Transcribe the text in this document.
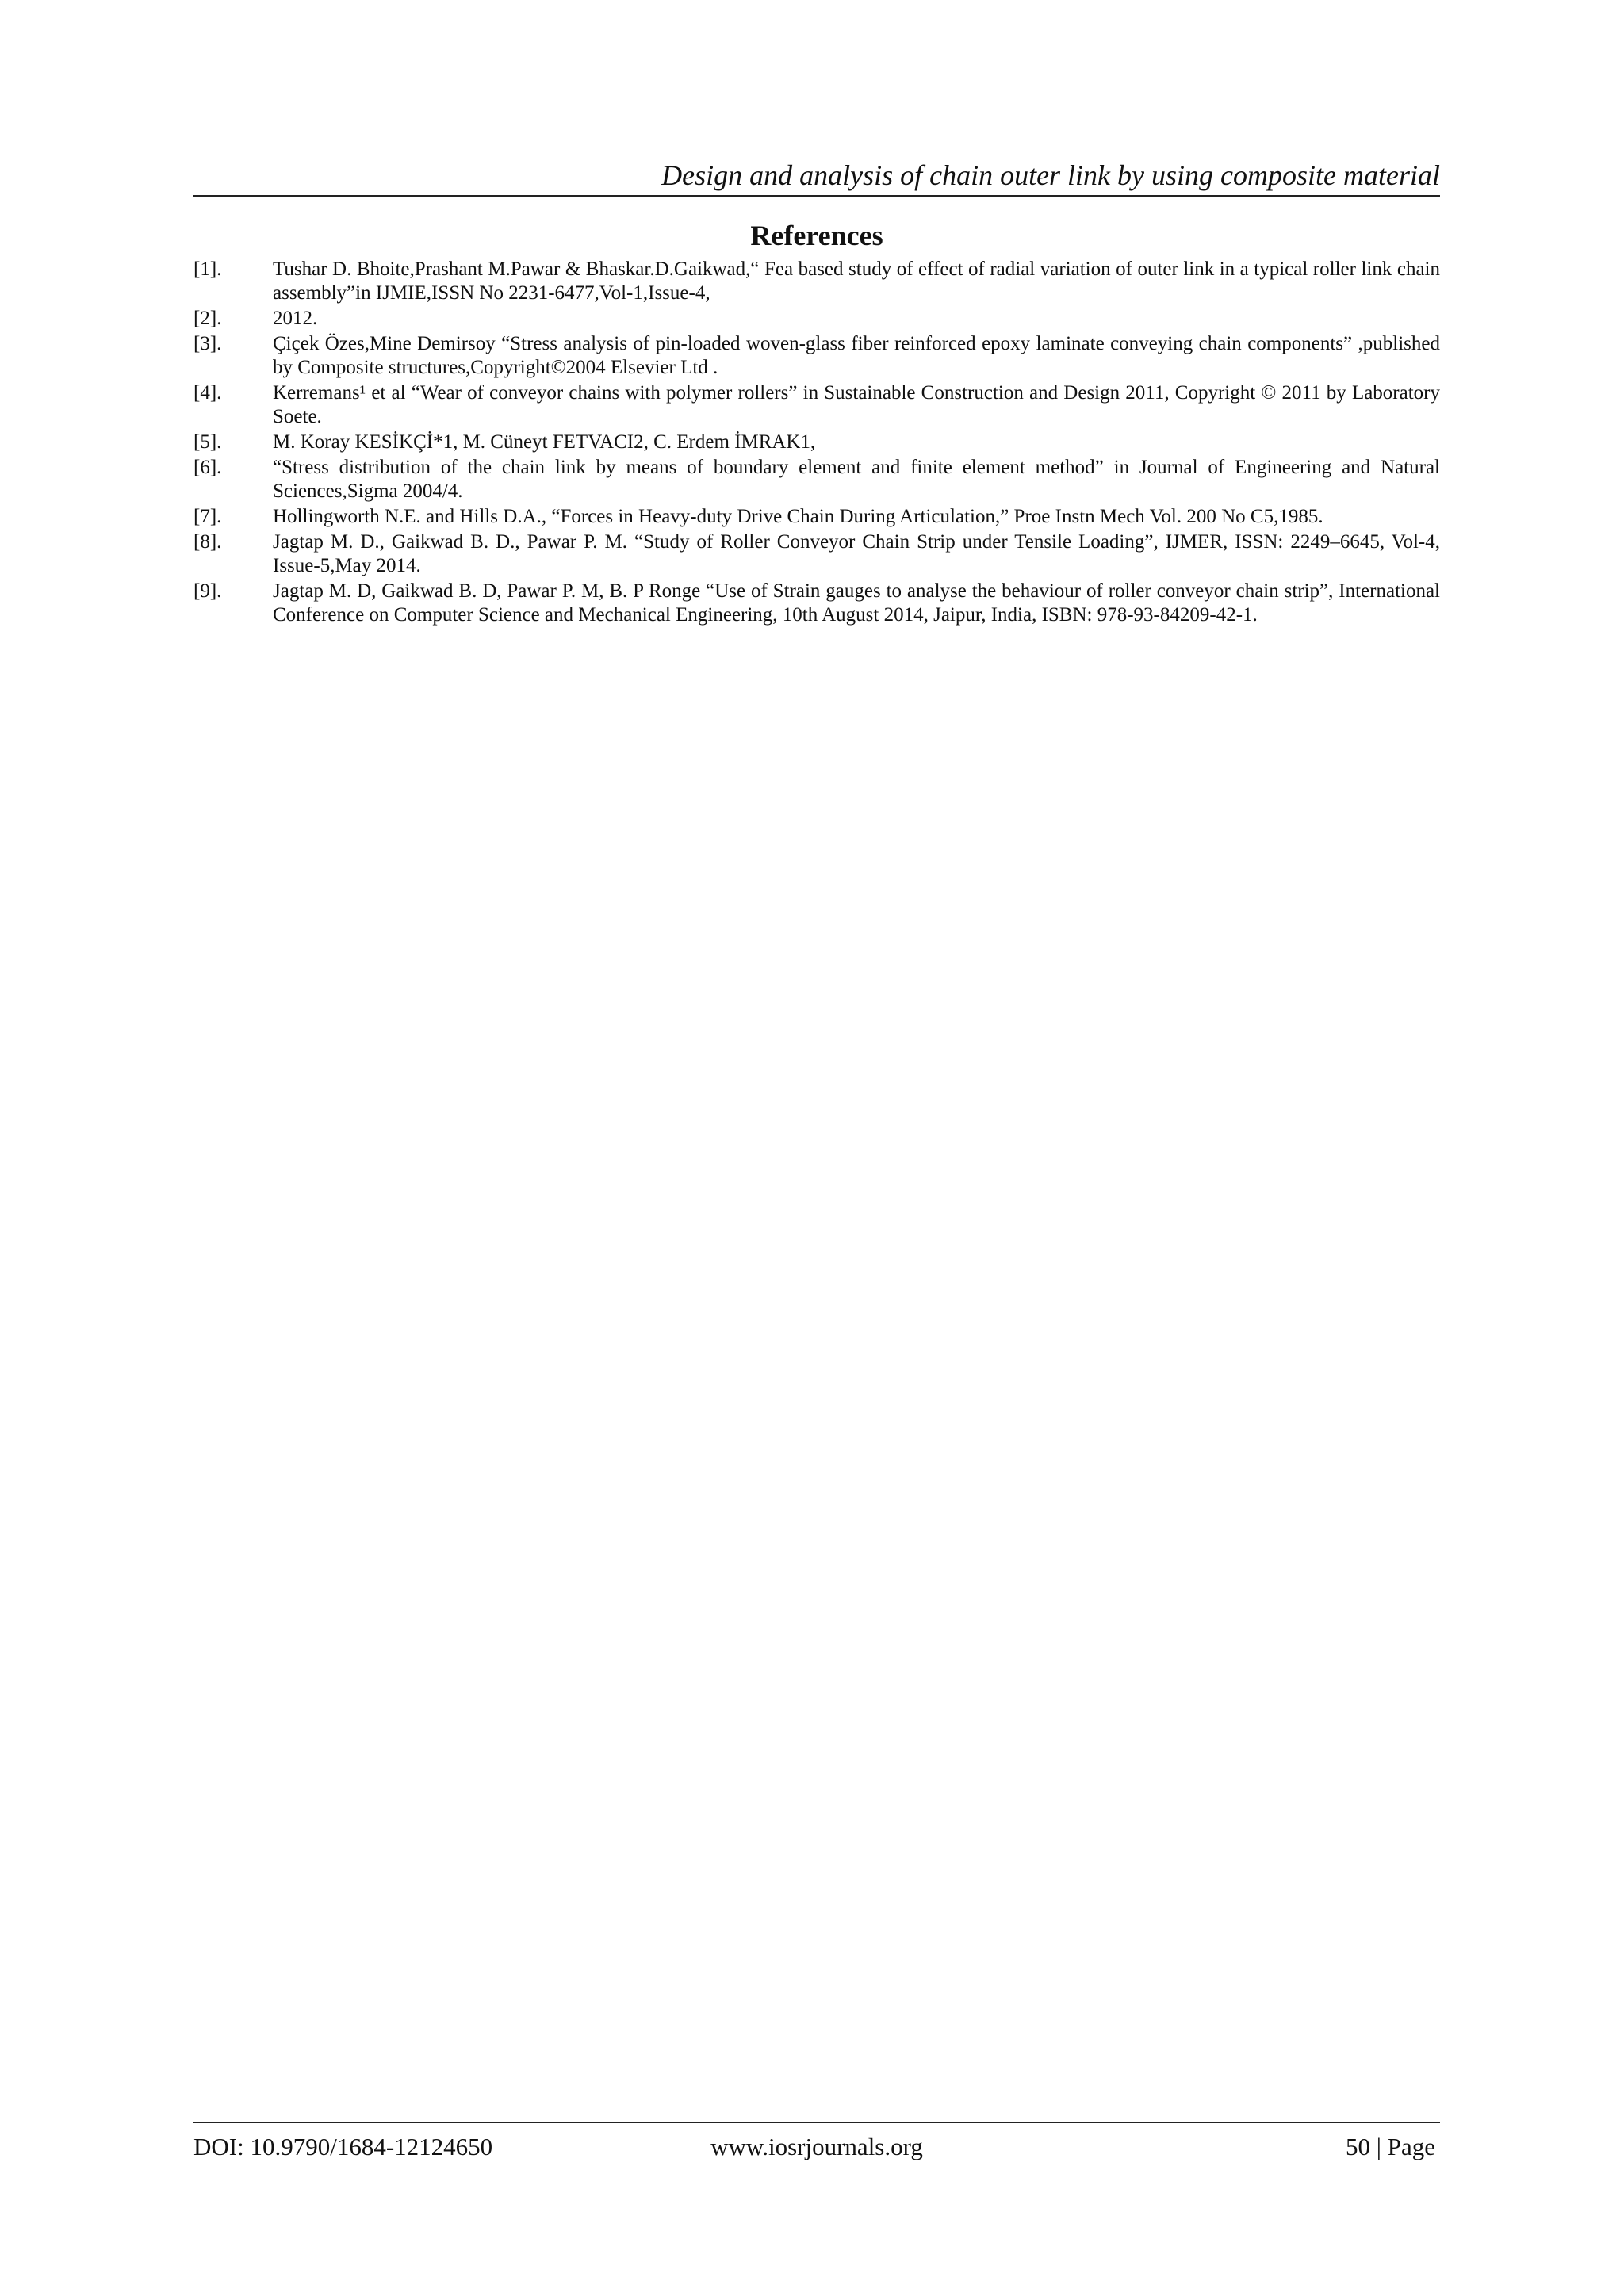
Design and analysis of chain outer link by using composite material
References
[1].	Tushar D. Bhoite,Prashant M.Pawar & Bhaskar.D.Gaikwad,“ Fea based study of effect of radial variation of outer link in a typical roller link chain assembly”in IJMIE,ISSN No 2231-6477,Vol-1,Issue-4,
[2].	2012.
[3].	Çiçek Özes,Mine Demirsoy “Stress analysis of pin-loaded woven-glass fiber reinforced epoxy laminate conveying chain components” ,published by Composite structures,Copyright©2004 Elsevier Ltd .
[4].	Kerremans¹ et al “Wear of conveyor chains with polymer rollers” in Sustainable Construction and Design 2011, Copyright © 2011 by Laboratory Soete.
[5].	M. Koray KESİKÇİ*1, M. Cüneyt FETVACI2, C. Erdem İMRAK1,
[6].	“Stress distribution of the chain link by means of boundary element and finite element method” in Journal of Engineering and Natural Sciences,Sigma 2004/4.
[7].	Hollingworth N.E. and Hills D.A., “Forces in Heavy-duty Drive Chain During Articulation,” Proe Instn Mech Vol. 200 No C5,1985.
[8].	Jagtap M. D., Gaikwad B. D., Pawar P. M. “Study of Roller Conveyor Chain Strip under Tensile Loading”, IJMER, ISSN: 2249–6645, Vol-4, Issue-5,May 2014.
[9].	Jagtap M. D, Gaikwad B. D, Pawar P. M, B. P Ronge “Use of Strain gauges to analyse the behaviour of roller conveyor chain strip”, International Conference on Computer Science and Mechanical Engineering, 10th August 2014, Jaipur, India, ISBN: 978-93-84209-42-1.
DOI: 10.9790/1684-12124650	www.iosrjournals.org	50 | Page
